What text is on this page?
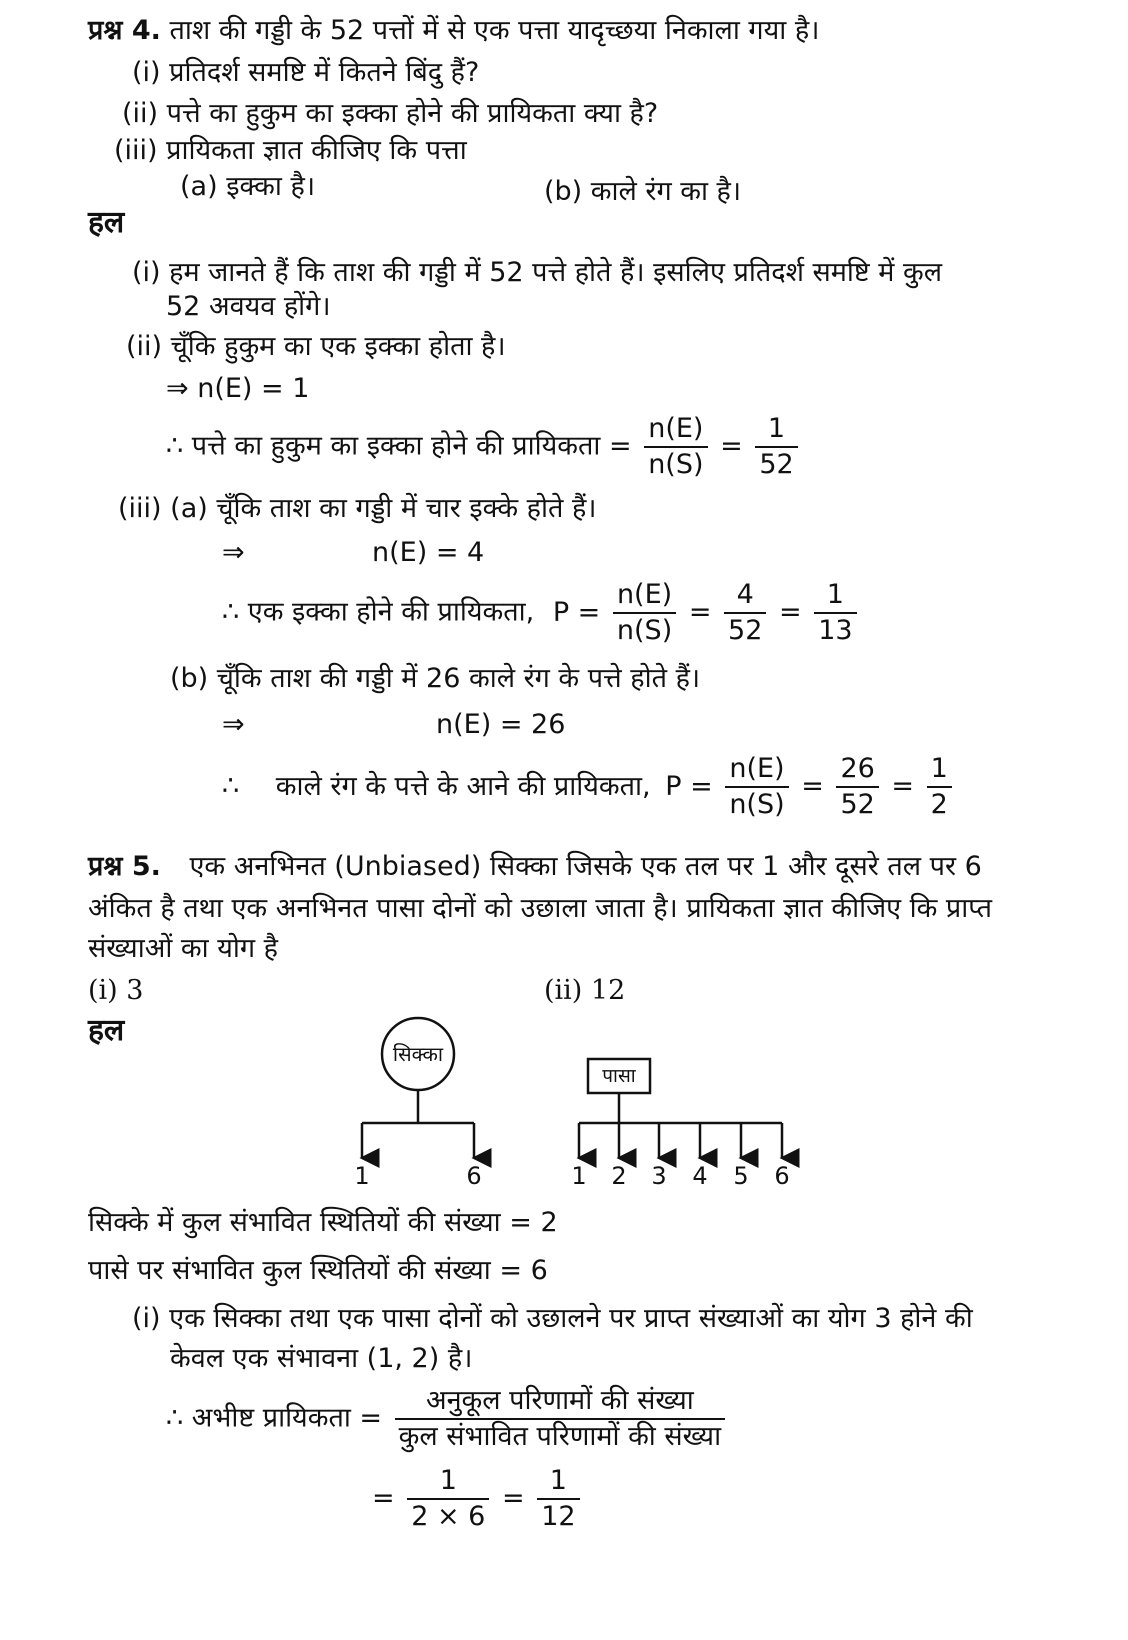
प्रश्न 4. ताश की गड्डी के 52 पत्तों में से एक पत्ता यादृच्छया निकाला गया है।
(i) प्रतिदर्श समष्टि में कितने बिंदु हैं?
(ii) पत्ते का हुकुम का इक्का होने की प्रायिकता क्या है?
(iii) प्रायिकता ज्ञात कीजिए कि पत्ता
(a) इक्का है।	(b) काले रंग का है।
हल
(i) हम जानते हैं कि ताश की गड्डी में 52 पत्ते होते हैं। इसलिए प्रतिदर्श समष्टि में कुल
52 अवयव होंगे।
(ii) चूँकि हुकुम का एक इक्का होता है।
⇒ n(E) = 1
∴ पत्ते का हुकुम का इक्का होने की प्रायिकता = $\frac{n(E)}{n(S)} = \frac{1}{52}$
(iii) (a) चूँकि ताश का गड्डी में चार इक्के होते हैं।
⇒	n(E) = 4
∴ एक इक्का होने की प्रायिकता, $P = \frac{n(E)}{n(S)} = \frac{4}{52} = \frac{1}{13}$
(b) चूँकि ताश की गड्डी में 26 काले रंग के पत्ते होते हैं।
⇒	n(E) = 26
∴ काले रंग के पत्ते के आने की प्रायिकता, $P = \frac{n(E)}{n(S)} = \frac{26}{52} = \frac{1}{2}$
प्रश्न 5. एक अनभिनत (Unbiased) सिक्का जिसके एक तल पर 1 और दूसरे तल पर 6
अंकित है तथा एक अनभिनत पासा दोनों को उछाला जाता है। प्रायिकता ज्ञात कीजिए कि प्राप्त
संख्याओं का योग है
(i) 3	(ii) 12
हल
सिक्का
पासा
1	6	1	2	3	4	5	6
सिक्के में कुल संभावित स्थितियों की संख्या = 2
पासे पर संभावित कुल स्थितियों की संख्या = 6
(i) एक सिक्का तथा एक पासा दोनों को उछालने पर प्राप्त संख्याओं का योग 3 होने की
केवल एक संभावना (1, 2) है।
∴ अभीष्ट प्रायिकता = $\frac{\text{अनुकूल परिणामों की संख्या}}{\text{कुल संभावित परिणामों की संख्या}}$
= $\frac{1}{2 \times 6} = \frac{1}{12}$
